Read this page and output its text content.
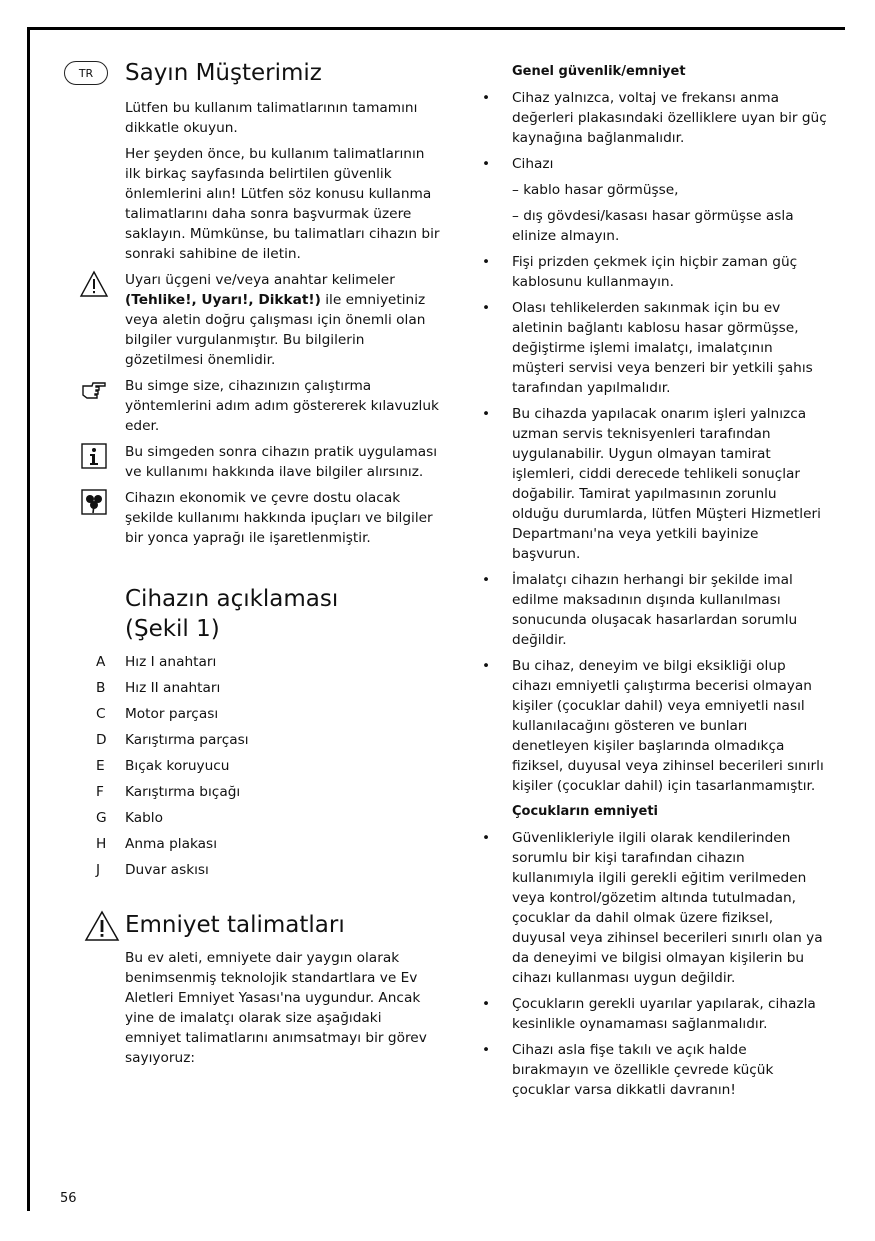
TR	Sayın Müşterimiz

Lütfen bu kullanım talimatlarının tamamını dikkatle okuyun.

Her şeyden önce, bu kullanım talimatlarının ilk birkaç sayfasında belirtilen güvenlik önlemlerini alın! Lütfen söz konusu kullanma talimatlarını daha sonra başvurmak üzere saklayın. Mümkünse, bu talimatları cihazın bir sonraki sahibine de iletin.

Uyarı üçgeni ve/veya anahtar kelimeler (Tehlike!, Uyarı!, Dikkat!) ile emniyetiniz veya aletin doğru çalışması için önemli olan bilgiler vurgulanmıştır. Bu bilgilerin gözetilmesi önemlidir.

Bu simge size, cihazınızın çalıştırma yöntemlerini adım adım göstererek kılavuzluk eder.

Bu simgeden sonra cihazın pratik uygulaması ve kullanımı hakkında ilave bilgiler alırsınız.

Cihazın ekonomik ve çevre dostu olacak şekilde kullanımı hakkında ipuçları ve bilgiler bir yonca yaprağı ile işaretlenmiştir.

Cihazın açıklaması
(Şekil 1)
A Hız I anahtarı
B Hız II anahtarı
C Motor parçası
D Karıştırma parçası
E Bıçak koruyucu
F Karıştırma bıçağı
G Kablo
H Anma plakası
J Duvar askısı
Emniyet talimatları

Bu ev aleti, emniyete dair yaygın olarak benimsenmiş teknolojik standartlara ve Ev Aletleri Emniyet Yasası'na uygundur. Ancak yine de imalatçı olarak size aşağıdaki emniyet talimatlarını anımsatmayı bir görev sayıyoruz:

Genel güvenlik/emniyet

• Cihaz yalnızca, voltaj ve frekansı anma değerleri plakasındaki özelliklere uyan bir güç kaynağına bağlanmalıdır.
• Cihazı
– kablo hasar görmüşse,
– dış gövdesi/kasası hasar görmüşse asla elinize almayın.
• Fişi prizden çekmek için hiçbir zaman güç kablosunu kullanmayın.
• Olası tehlikelerden sakınmak için bu ev aletinin bağlantı kablosu hasar görmüşse, değiştirme işlemi imalatçı, imalatçının müşteri servisi veya benzeri bir yetkili şahıs tarafından yapılmalıdır.
• Bu cihazda yapılacak onarım işleri yalnızca uzman servis teknisyenleri tarafından uygulanabilir. Uygun olmayan tamirat işlemleri, ciddi derecede tehlikeli sonuçlar doğabilir. Tamirat yapılmasının zorunlu olduğu durumlarda, lütfen Müşteri Hizmetleri Departmanı'na veya yetkili bayinize başvurun.
• İmalatçı cihazın herhangi bir şekilde imal edilme maksadının dışında kullanılması sonucunda oluşacak hasarlardan sorumlu değildir.
• Bu cihaz, deneyim ve bilgi eksikliği olup cihazı emniyetli çalıştırma becerisi olmayan kişiler (çocuklar dahil) veya emniyetli nasıl kullanılacağını gösteren ve bunları denetleyen kişiler başlarında olmadıkça fiziksel, duyusal veya zihinsel becerileri sınırlı kişiler (çocuklar dahil) için tasarlanmamıştır.

Çocukların emniyeti

• Güvenlikleriyle ilgili olarak kendilerinden sorumlu bir kişi tarafından cihazın kullanımıyla ilgili gerekli eğitim verilmeden veya kontrol/gözetim altında tutulmadan, çocuklar da dahil olmak üzere fiziksel, duyusal veya zihinsel becerileri sınırlı olan ya da deneyimi ve bilgisi olmayan kişilerin bu cihazı kullanması uygun değildir.
• Çocukların gerekli uyarılar yapılarak, cihazla kesinlikle oynamaması sağlanmalıdır.
• Cihazı asla fişe takılı ve açık halde bırakmayın ve özellikle çevrede küçük çocuklar varsa dikkatli davranın!
56
